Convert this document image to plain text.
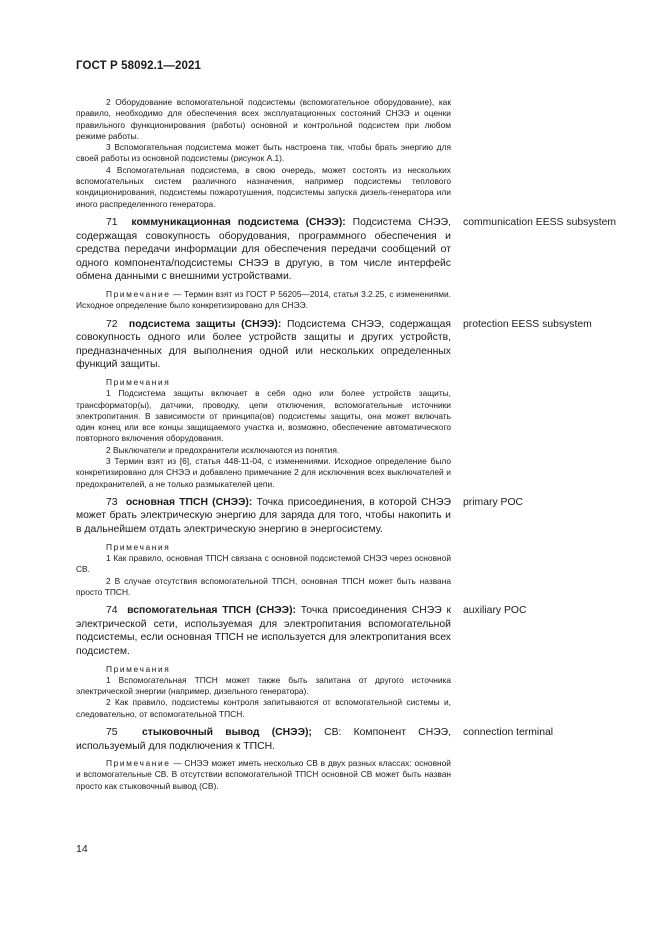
ГОСТ Р 58092.1—2021

2 Оборудование вспомогательной подсистемы (вспомогательное оборудование), как правило, необходимо для обеспечения всех эксплуатационных состояний СНЭЭ и оценки правильного функционирования (работы) основной и контрольной подсистем при любом режиме работы.

3 Вспомогательная подсистема может быть настроена так, чтобы брать энергию для своей работы из основной подсистемы (рисунок А.1).

4 Вспомогательная подсистема, в свою очередь, может состоять из нескольких вспомогательных систем различного назначения, например подсистемы теплового кондиционирования, подсистемы пожаротушения, подсистемы запуска дизель-генератора или иного распределенного генератора.

71 коммуникационная подсистема (СНЭЭ): Подсистема СНЭЭ, содержащая совокупность оборудования, программного обеспечения и средства передачи информации для обеспечения передачи сообщений от одного компонента/подсистемы СНЭЭ в другую, в том числе интерфейс обмена данными с внешними устройствами.

communication EESS subsystem

Примечание — Термин взят из ГОСТ Р 56205—2014, статья 3.2.25, с изменениями. Исходное определение было конкретизировано для СНЭЭ.

72 подсистема защиты (СНЭЭ): Подсистема СНЭЭ, содержащая совокупность одного или более устройств защиты и других устройств, предназначенных для выполнения одной или нескольких определенных функций защиты.

protection EESS subsystem

Примечания

1 Подсистема защиты включает в себя одно или более устройств защиты, трансформатор(ы), датчики, проводку, цепи отключения, вспомогательные источники электропитания. В зависимости от принципа(ов) подсистемы защиты, она может включать один конец или все концы защищаемого участка и, возможно, обеспечение автоматического повторного включения оборудования.

2 Выключатели и предохранители исключаются из понятия.

3 Термин взят из [6], статья 448-11-04, с изменениями. Исходное определение было конкретизировано для СНЭЭ и добавлено примечание 2 для исключения всех выключателей и предохранителей, а не только размыкателей цепи.

73 основная ТПСН (СНЭЭ): Точка присоединения, в которой СНЭЭ может брать электрическую энергию для заряда для того, чтобы накопить и в дальнейшем отдать электрическую энергию в энергосистему.

primary POC

Примечания

1 Как правило, основная ТПСН связана с основной подсистемой СНЭЭ через основной СВ.

2 В случае отсутствия вспомогательной ТПСН, основная ТПСН может быть названа просто ТПСН.

74 вспомогательная ТПСН (СНЭЭ): Точка присоединения СНЭЭ к электрической сети, используемая для электропитания вспомогательной подсистемы, если основная ТПСН не используется для электропитания всех подсистем.

auxiliary POC

Примечания

1 Вспомогательная ТПСН может также быть запитана от другого источника электрической энергии (например, дизельного генератора).

2 Как правило, подсистемы контроля запитываются от вспомогательной системы и, следовательно, от вспомогательной ТПСН.

75 стыковочный вывод (СНЭЭ); СВ: Компонент СНЭЭ, используемый для подключения к ТПСН.

connection terminal

Примечание — СНЭЭ может иметь несколько СВ в двух разных классах: основной и вспомогательные СВ. В отсутствии вспомогательной ТПСН основной СВ может быть назван просто как стыковочный вывод (СВ).

14
